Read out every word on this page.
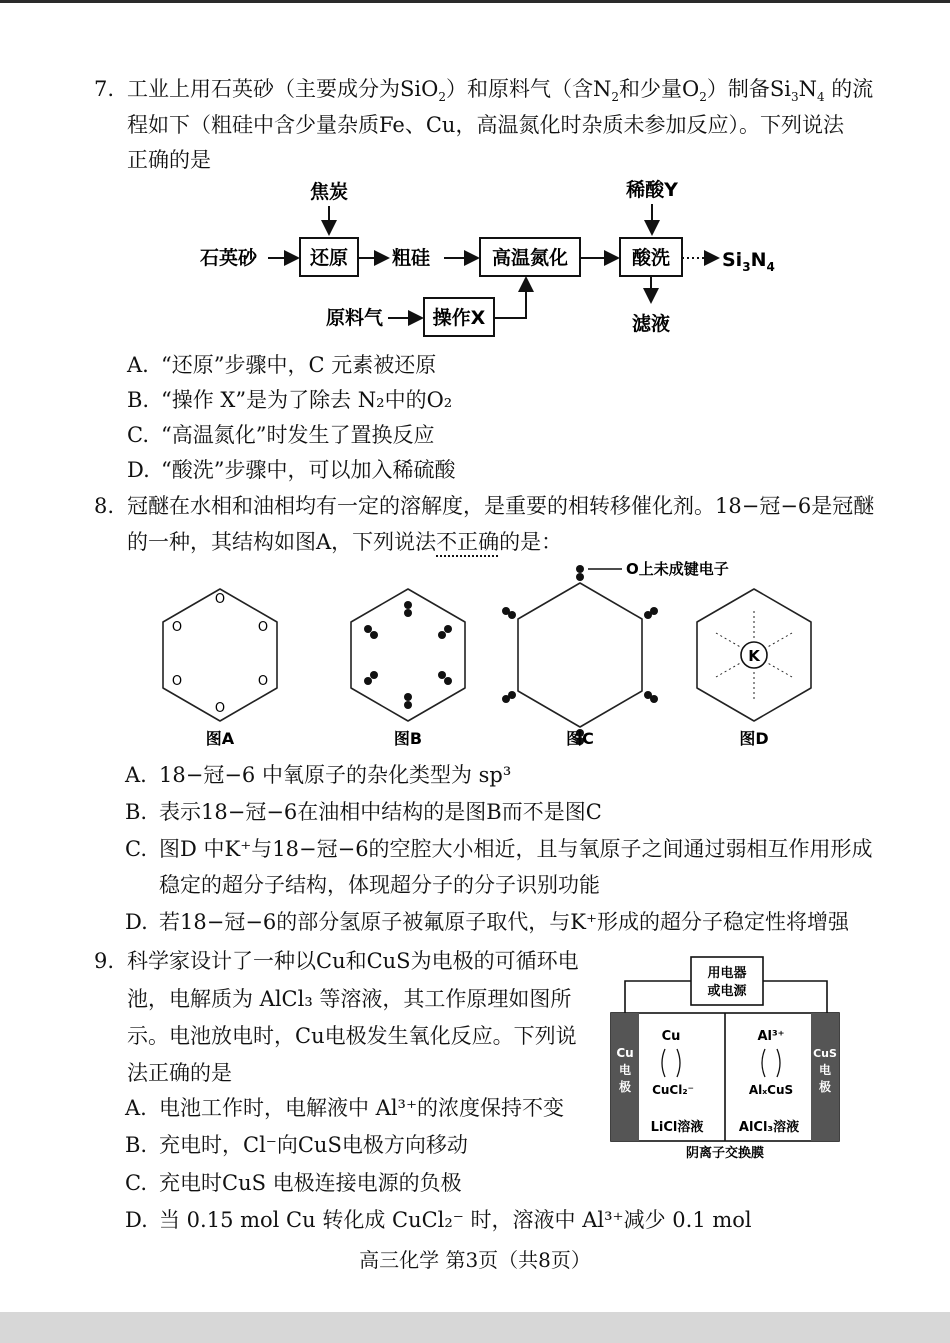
7. 工业上用石英砂（主要成分为SiO$_2$）和原料气（含$N_2$和少量$O_2$）制备$Si_3N_4$ 的流
程如下（粗硅中含少量杂质Fe、Cu，高温氮化时杂质未参加反应）。下列说法
正确的是
焦炭	稀酸Y
石英砂	还原 粗硅	高温氮化	酸洗	$Si_3N_4$
滤液
原料气	操作X
A. “还原”步骤中，C 元素被还原
B. “操作 X”是为了除去 N₂中的O₂
C. “高温氮化”时发生了置换反应
D. “酸洗”步骤中，可以加入稀硫酸
8. 冠醚在水相和油相均有一定的溶解度，是重要的相转移催化剂。18−冠−6是冠醚
的一种，其结构如图A，下列说法不正确的是：
O
O
O
O
O
O
图A	图B
O上未成键电子
图C
K
图D
A. 18−冠−6 中氧原子的杂化类型为 sp³
B. 表示18−冠−6在油相中结构的是图B而不是图C
C. 图D 中K⁺与18−冠−6的空腔大小相近，且与氧原子之间通过弱相互作用形成
稳定的超分子结构，体现超分子的分子识别功能
D. 若18−冠−6的部分氢原子被氟原子取代，与K⁺形成的超分子稳定性将增强
9. 科学家设计了一种以Cu和CuS为电极的可循环电
池，电解质为 AlCl₃ 等溶液，其工作原理如图所
示。电池放电时，Cu电极发生氧化反应。下列说
法正确的是
用电器
或电源
Cu
电
极
CuS
电
极
Cu
CuCl₂⁻
Al³⁺
AlₓCuS
LiCl溶液	AlCl₃溶液
阴离子交换膜
A. 电池工作时，电解液中 Al³⁺的浓度保持不变
B. 充电时，Cl⁻向CuS电极方向移动
C. 充电时CuS 电极连接电源的负极
D. 当 0.15 mol Cu 转化成 CuCl₂⁻ 时，溶液中 Al³⁺减少 0.1 mol
高三化学 第3页（共8页）
